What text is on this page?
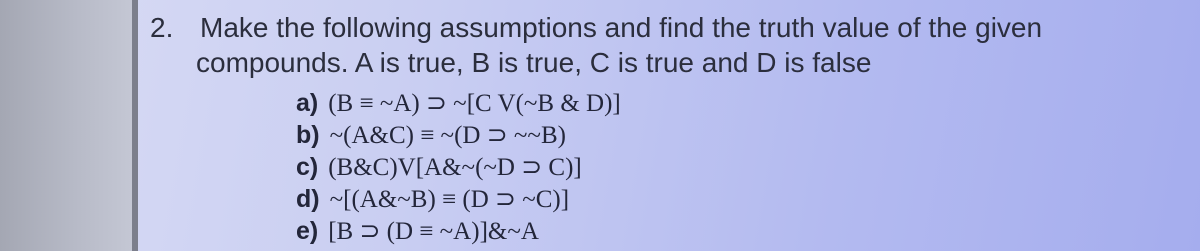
2. Make the following assumptions and find the truth value of the given
compounds. A is true, B is true, C is true and D is false
a) (B ≡ ~A) ⊃ ~[C V(~B & D)]
b) ~(A&C) ≡ ~(D ⊃ ~~B)
c) (B&C)V[A&~(~D ⊃ C)]
d) ~[(A&~B) ≡ (D ⊃ ~C)]
e) [B ⊃ (D ≡ ~A)]&~A
